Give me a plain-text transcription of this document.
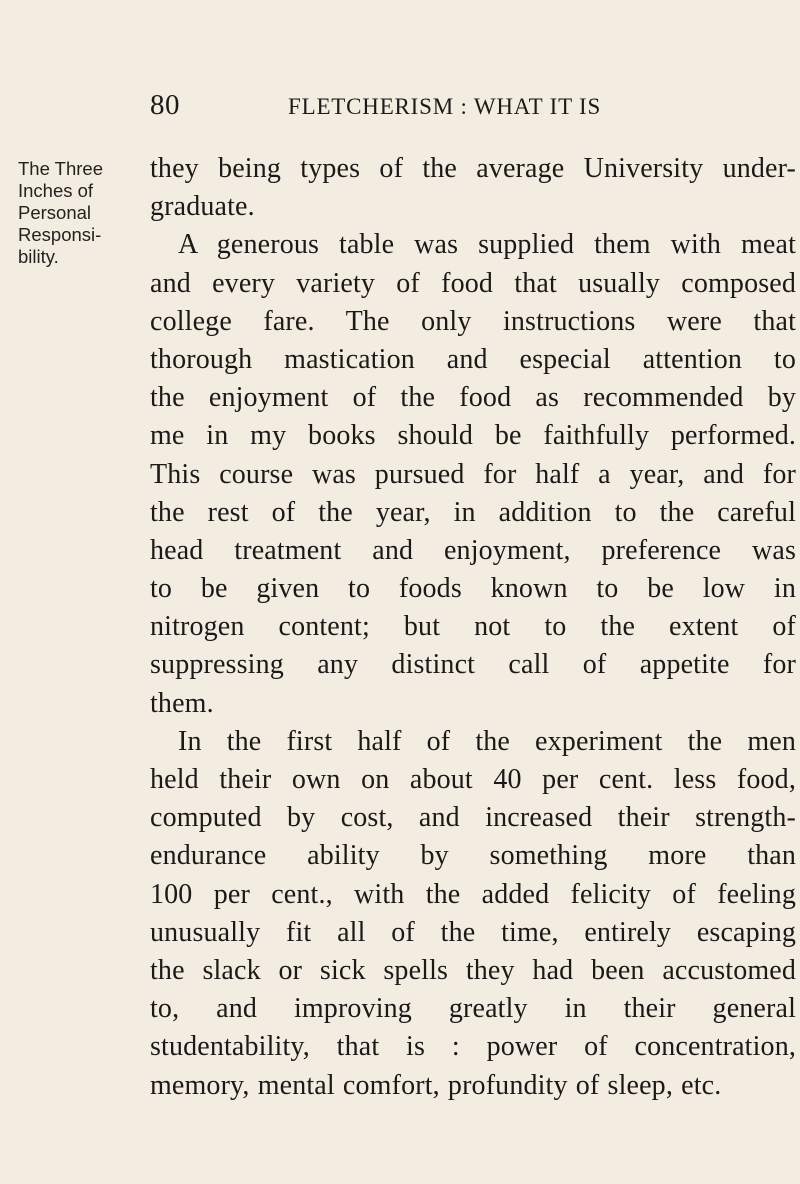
80	FLETCHERISM : WHAT IT IS
The Three
Inches of
Personal
Responsi-
bility.
they being types of the average University under-
graduate.
A generous table was supplied them with meat
and every variety of food that usually composed
college fare. The only instructions were that
thorough mastication and especial attention to
the enjoyment of the food as recommended by
me in my books should be faithfully performed.
This course was pursued for half a year, and for
the rest of the year, in addition to the careful
head treatment and enjoyment, preference was
to be given to foods known to be low in
nitrogen content; but not to the extent of
suppressing any distinct call of appetite for
them.
In the first half of the experiment the men
held their own on about 40 per cent. less food,
computed by cost, and increased their strength-
endurance ability by something more than
100 per cent., with the added felicity of feeling
unusually fit all of the time, entirely escaping
the slack or sick spells they had been accustomed
to, and improving greatly in their general
studentability, that is : power of concentration,
memory, mental comfort, profundity of sleep, etc.
